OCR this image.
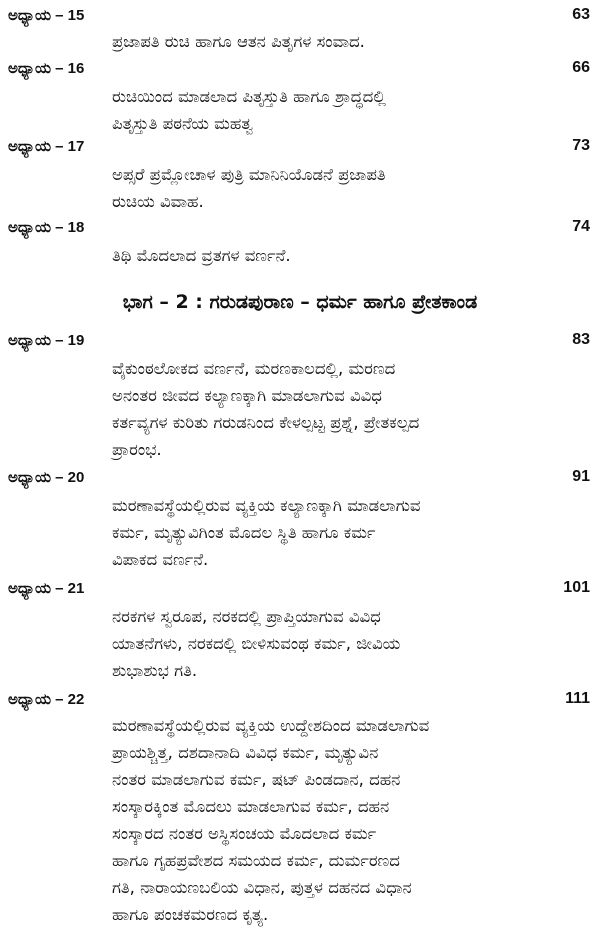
ಅಧ್ಯಾಯ – 15	63
ಪ್ರಜಾಪತಿ ರುಚಿ ಹಾಗೂ ಆತನ ಪಿತೃಗಳ ಸಂವಾದ.
ಅಧ್ಯಾಯ – 16	66
ರುಚಿಯಿಂದ ಮಾಡಲಾದ ಪಿತೃಸ್ತುತಿ ಹಾಗೂ ಶ್ರಾದ್ಧದಲ್ಲಿ
ಪಿತೃಸ್ತುತಿ ಪಠನೆಯ ಮಹತ್ವ
ಅಧ್ಯಾಯ – 17	73
ಅಪ್ಸರೆ ಪ್ರಮ್ಲೋಚಾಳ ಪುತ್ರಿ ಮಾನಿನಿಯೊಡನೆ ಪ್ರಜಾಪತಿ
ರುಚಿಯ ವಿವಾಹ.
ಅಧ್ಯಾಯ – 18	74
ತಿಥಿ ಮೊದಲಾದ ವ್ರತಗಳ ವರ್ಣನೆ.
ಭಾಗ – 2 : ಗರುಡಪುರಾಣ – ಧರ್ಮ ಹಾಗೂ ಪ್ರೇತಕಾಂಡ
ಅಧ್ಯಾಯ – 19	83
ವೈಕುಂಠಲೋಕದ ವರ್ಣನೆ, ಮರಣಕಾಲದಲ್ಲಿ, ಮರಣದ
ಅನಂತರ ಜೀವದ ಕಲ್ಯಾಣಕ್ಕಾಗಿ ಮಾಡಲಾಗುವ ವಿವಿಧ
ಕರ್ತವ್ಯಗಳ ಕುರಿತು ಗರುಡನಿಂದ ಕೇಳಲ್ಪಟ್ಟ ಪ್ರಶ್ನೆ, ಪ್ರೇತಕಲ್ಪದ
ಪ್ರಾರಂಭ.
ಅಧ್ಯಾಯ – 20	91
ಮರಣಾವಸ್ಥೆಯಲ್ಲಿರುವ ವ್ಯಕ್ತಿಯ ಕಲ್ಯಾಣಕ್ಕಾಗಿ ಮಾಡಲಾಗುವ
ಕರ್ಮ, ಮೃತ್ಯುವಿಗಿಂತ ಮೊದಲ ಸ್ಥಿತಿ ಹಾಗೂ ಕರ್ಮ
ವಿಪಾಕದ ವರ್ಣನೆ.
ಅಧ್ಯಾಯ – 21	101
ನರಕಗಳ ಸ್ವರೂಪ, ನರಕದಲ್ಲಿ ಪ್ರಾಪ್ತಿಯಾಗುವ ವಿವಿಧ
ಯಾತನೆಗಳು, ನರಕದಲ್ಲಿ ಬೀಳಿಸುವಂಥ ಕರ್ಮ, ಜೀವಿಯ
ಶುಭಾಶುಭ ಗತಿ.
ಅಧ್ಯಾಯ – 22	111
ಮರಣಾವಸ್ಥೆಯಲ್ಲಿರುವ ವ್ಯಕ್ತಿಯ ಉದ್ದೇಶದಿಂದ ಮಾಡಲಾಗುವ
ಪ್ರಾಯಶ್ಚಿತ್ತ, ದಶದಾನಾದಿ ವಿವಿಧ ಕರ್ಮ, ಮೃತ್ಯುವಿನ
ನಂತರ ಮಾಡಲಾಗುವ ಕರ್ಮ, ಷಟ್ ಪಿಂಡದಾನ, ದಹನ
ಸಂಸ್ಕಾರಕ್ಕಿಂತ ಮೊದಲು ಮಾಡಲಾಗುವ ಕರ್ಮ, ದಹನ
ಸಂಸ್ಕಾರದ ನಂತರ ಅಸ್ಥಿಸಂಚಯ ಮೊದಲಾದ ಕರ್ಮ
ಹಾಗೂ ಗೃಹಪ್ರವೇಶದ ಸಮಯದ ಕರ್ಮ, ದುರ್ಮರಣದ
ಗತಿ, ನಾರಾಯಣಬಲಿಯ ವಿಧಾನ, ಪುತ್ತಳ ದಹನದ ವಿಧಾನ
ಹಾಗೂ ಪಂಚಕಮರಣದ ಕೃತ್ಯ.
